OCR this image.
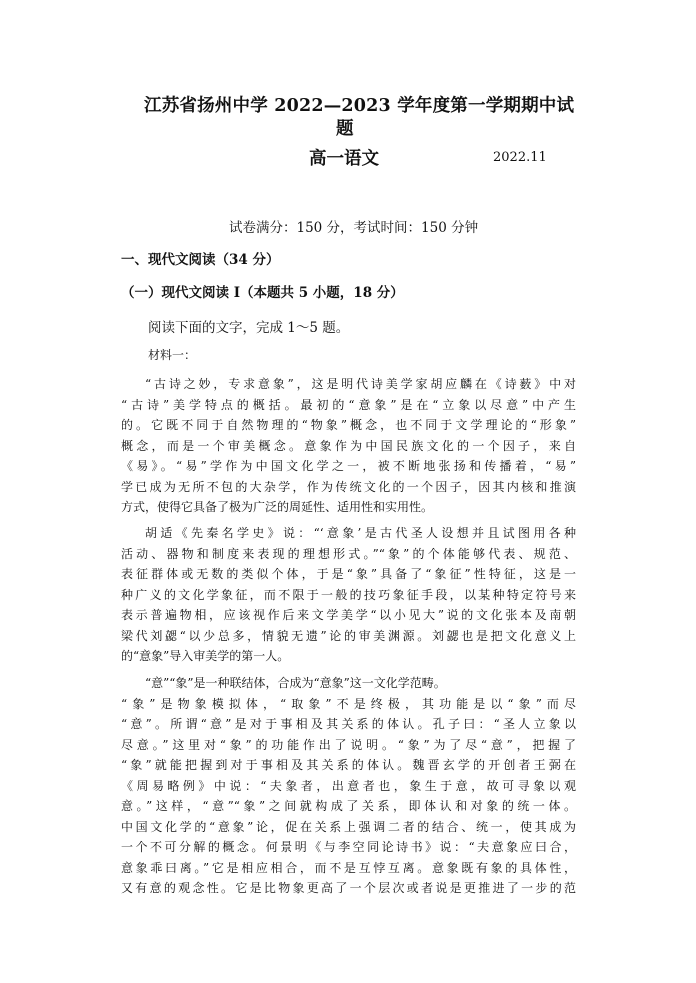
江苏省扬州中学 2022—2023 学年度第一学期期中试
题
高一语文	2022.11
试卷满分：150 分，考试时间：150 分钟
一、现代文阅读（34 分）
（一）现代文阅读 I（本题共 5 小题，18 分）
阅读下面的文字，完成 1～5 题。
材料一：

“古诗之妙，专求意象”，这是明代诗美学家胡应麟在《诗薮》中对

“古诗”美学特点的概括。最初的“意象”是在“立象以尽意”中产生

的。它既不同于自然物理的“物象”概念，也不同于文学理论的“形象”

概念，而是一个审美概念。意象作为中国民族文化的一个因子，来自

《易》。“易”学作为中国文化学之一，被不断地张扬和传播着，“易”

学已成为无所不包的大杂学，作为传统文化的一个因子，因其内核和推演

方式，使得它具备了极为广泛的周延性、适用性和实用性。

胡适《先秦名学史》说：“‘意象’是古代圣人设想并且试图用各种

活动、器物和制度来表现的理想形式。”“象”的个体能够代表、规范、

表征群体或无数的类似个体，于是“象”具备了“象征”性特征，这是一

种广义的文化学象征，而不限于一般的技巧象征手段，以某种特定符号来

表示普遍物相，应该视作后来文学美学“以小见大”说的文化张本及南朝

梁代刘勰“以少总多，情貌无遗”论的审美渊源。刘勰也是把文化意义上

的“意象”导入审美学的第一人。

“意”“象”是一种联结体，合成为“意象”这一文化学范畴。

“象”是物象模拟体，“取象”不是终极，其功能是以“象”而尽

“意”。所谓“意”是对于事相及其关系的体认。孔子曰：“圣人立象以

尽意。”这里对“象”的功能作出了说明。“象”为了尽“意”，把握了

“象”就能把握到对于事相及其关系的体认。魏晋玄学的开创者王弼在

《周易略例》中说：“夫象者，出意者也，象生于意，故可寻象以观

意。”这样，“意”“象”之间就构成了关系，即体认和对象的统一体。

中国文化学的“意象”论，促在关系上强调二者的结合、统一，使其成为

一个不可分解的概念。何景明《与李空同论诗书》说：“夫意象应曰合，

意象乖曰离。”它是相应相合，而不是互悖互离。意象既有象的具体性，

又有意的观念性。它是比物象更高了一个层次或者说是更推进了一步的范
